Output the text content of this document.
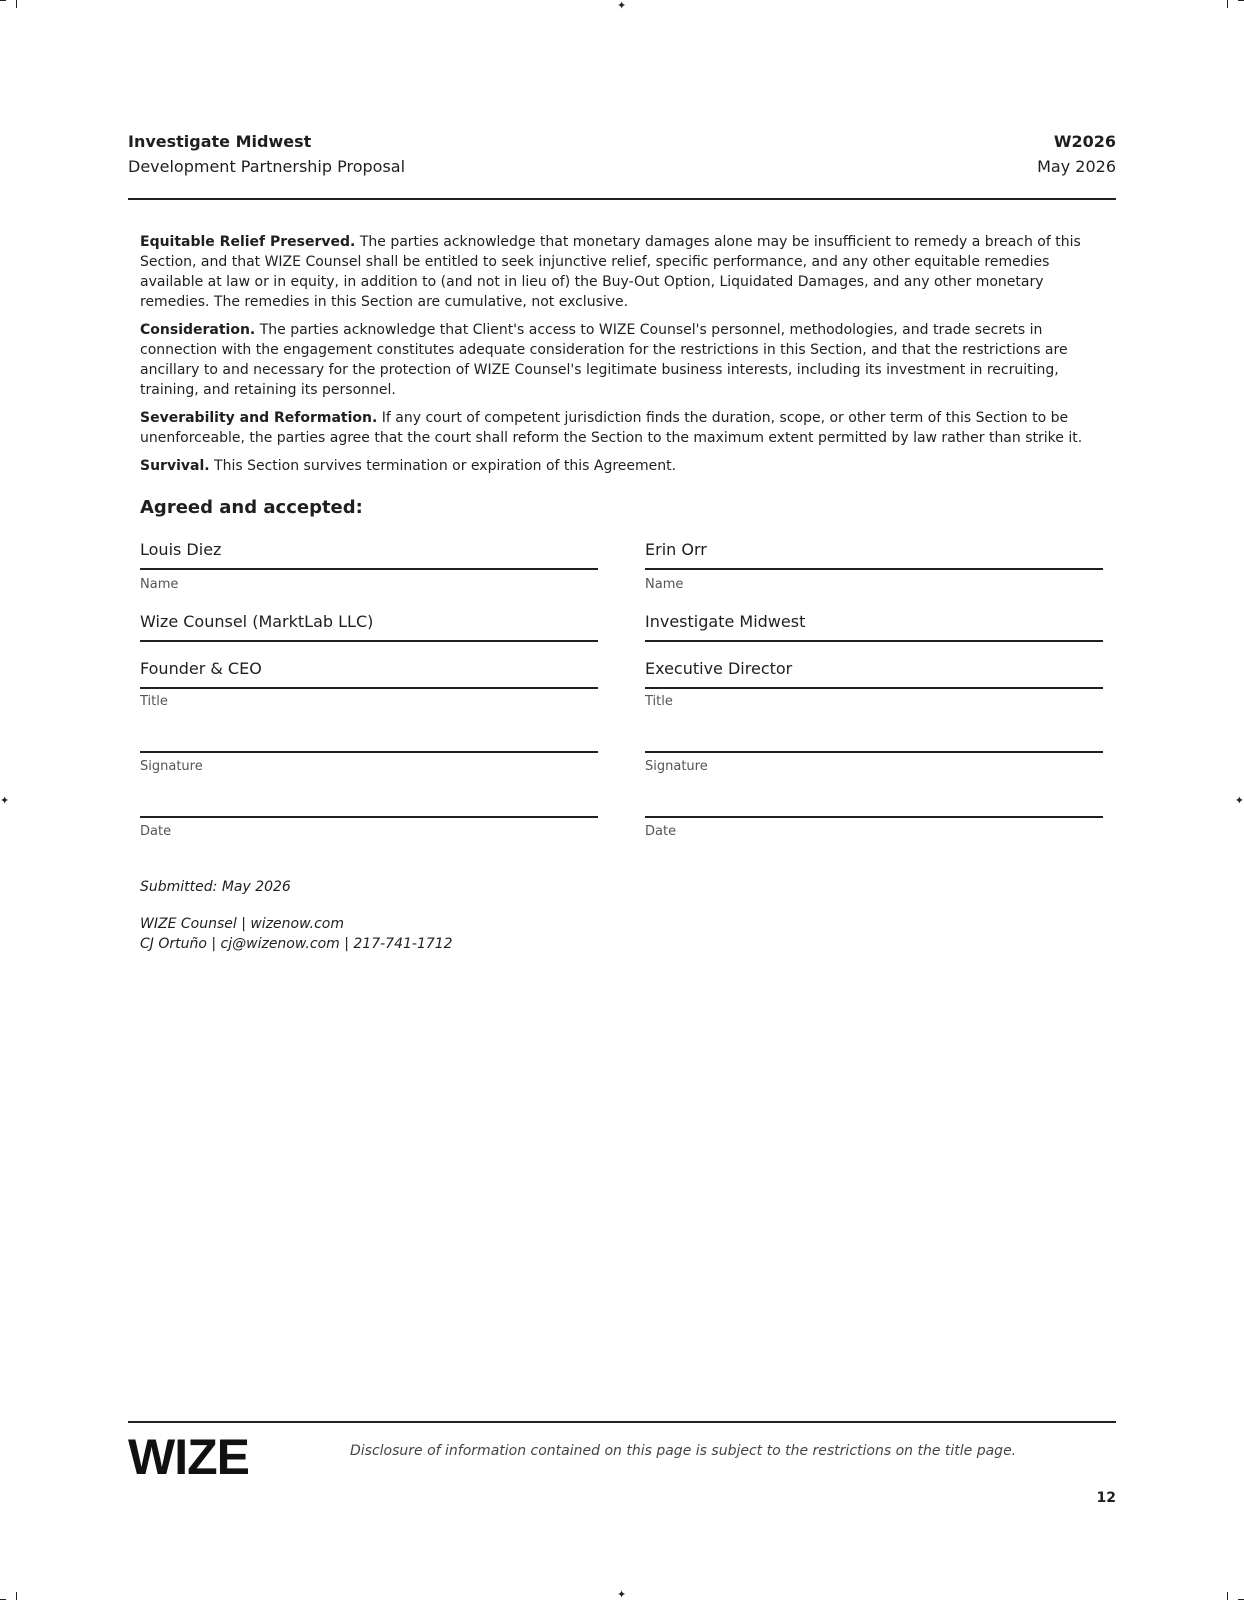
✦
✦
✦	✦
Investigate Midwest
Development Partnership Proposal
W2026
May 2026

Equitable Relief Preserved. The parties acknowledge that monetary damages alone may be insufficient to remedy a breach of this Section, and that WIZE Counsel shall be entitled to seek injunctive relief, specific performance, and any other equitable remedies available at law or in equity, in addition to (and not in lieu of) the Buy-Out Option, Liquidated Damages, and any other monetary remedies. The remedies in this Section are cumulative, not exclusive.

Consideration. The parties acknowledge that Client's access to WIZE Counsel's personnel, methodologies, and trade secrets in connection with the engagement constitutes adequate consideration for the restrictions in this Section, and that the restrictions are ancillary to and necessary for the protection of WIZE Counsel's legitimate business interests, including its investment in recruiting, training, and retaining its personnel.

Severability and Reformation. If any court of competent jurisdiction finds the duration, scope, or other term of this Section to be unenforceable, the parties agree that the court shall reform the Section to the maximum extent permitted by law rather than strike it.

Survival. This Section survives termination or expiration of this Agreement.

Agreed and accepted:
Louis Diez
Name
Wize Counsel (MarktLab LLC)
Founder & CEO
Title
Signature
Date
Erin Orr
Name
Investigate Midwest
Executive Director
Title
Signature
Date
Submitted: May 2026
WIZE Counsel | wizenow.com
CJ Ortuño | cj@wizenow.com | 217-741-1712
WIZE	Disclosure of information contained on this page is subject to the restrictions on the title page.
12
